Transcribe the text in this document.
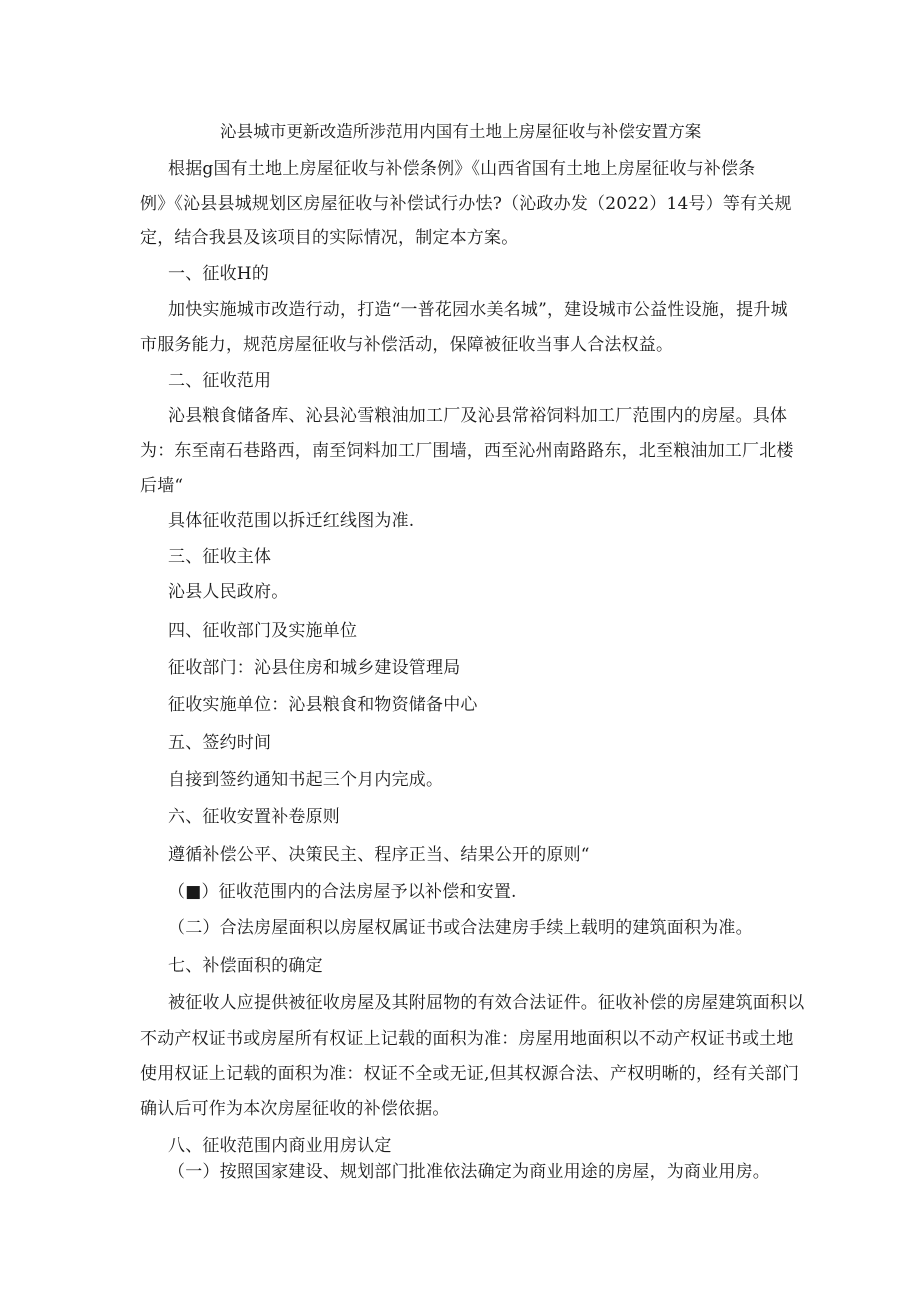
沁县城市更新改造所涉范用内国有土地上房屋征收与补偿安置方案
根据g国有土地上房屋征收与补偿条例》《山西省国有土地上房屋征收与补偿条
例》《沁县县城规划区房屋征收与补偿试行办怯?（沁政办发（2022）14号）等有关规
定，结合我县及该项目的实际情况，制定本方案。
一、征收H的
加快实施城市改造行动，打造“一普花园水美名城”，建设城市公益性设施，提升城
市服务能力，规范房屋征收与补偿活动，保障被征收当事人合法权益。
二、征收范用
沁县粮食储备库、沁县沁雪粮油加工厂及沁县常裕饲料加工厂范围内的房屋。具体
为：东至南石巷路西，南至饲料加工厂围墙，西至沁州南路路东，北至粮油加工厂北楼
后墙“
具体征收范围以拆迁红线图为准.
三、征收主体
沁县人民政府。
四、征收部门及实施单位
征收部门：沁县住房和城乡建设管理局
征收实施单位：沁县粮食和物资储备中心
五、签约时间
自接到签约通知书起三个月内完成。
六、征收安置补卷原则
遵循补偿公平、决策民主、程序正当、结果公开的原则“
（■）征收范围内的合法房屋予以补偿和安置.
（二）合法房屋面积以房屋权属证书或合法建房手续上载明的建筑面积为准。
七、补偿面积的确定
被征收人应提供被征收房屋及其附屈物的有效合法证件。征收补偿的房屋建筑面积以
不动产权证书或房屋所有权证上记载的面积为准：房屋用地面积以不动产权证书或土地
使用权证上记载的面积为准：权证不全或无证,但其权源合法、产权明晰的，经有关部门
确认后可作为本次房屋征收的补偿依据。
八、征收范围内商业用房认定
（一）按照国家建设、规划部门批准依法确定为商业用途的房屋，为商业用房。
